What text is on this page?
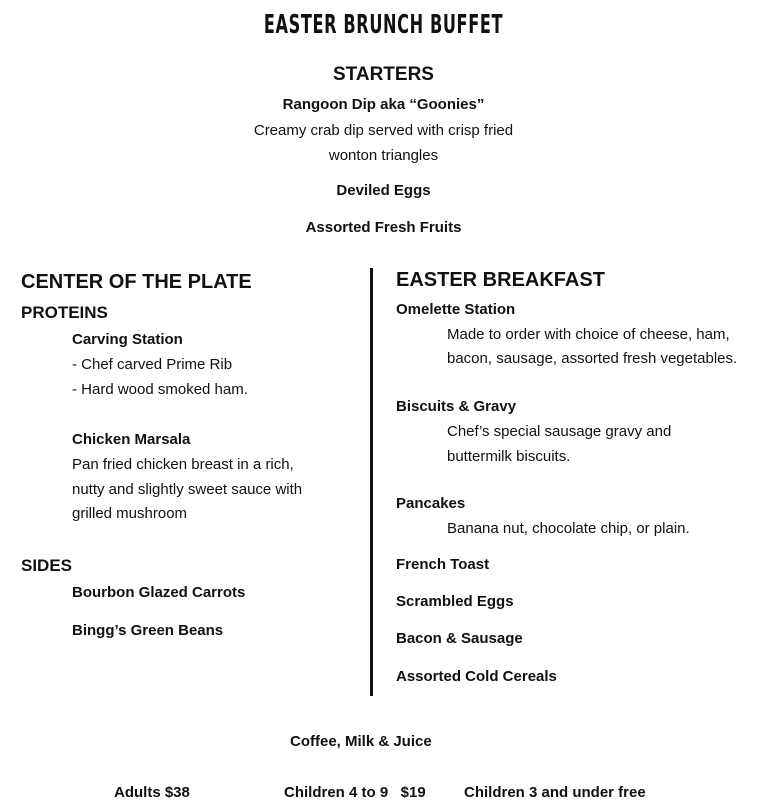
EASTER BRUNCH BUFFET
STARTERS
Rangoon Dip aka “Goonies”
Creamy crab dip served with crisp fried
wonton triangles
Deviled Eggs
Assorted Fresh Fruits
CENTER OF THE PLATE
PROTEINS
Carving Station
- Chef carved Prime Rib
- Hard wood smoked ham.
Chicken Marsala
Pan fried chicken breast in a rich,
nutty and slightly sweet sauce with
grilled mushroom
SIDES
Bourbon Glazed Carrots
Bingg’s Green Beans
EASTER BREAKFAST
Omelette Station
Made to order with choice of cheese, ham,
bacon, sausage, assorted fresh vegetables.
Biscuits & Gravy
Chef’s special sausage gravy and
buttermilk biscuits.
Pancakes
Banana nut, chocolate chip, or plain.
French Toast
Scrambled Eggs
Bacon & Sausage
Assorted Cold Cereals
Coffee, Milk & Juice
Adults $38	Children 4 to 9   $19	Children 3 and under free
